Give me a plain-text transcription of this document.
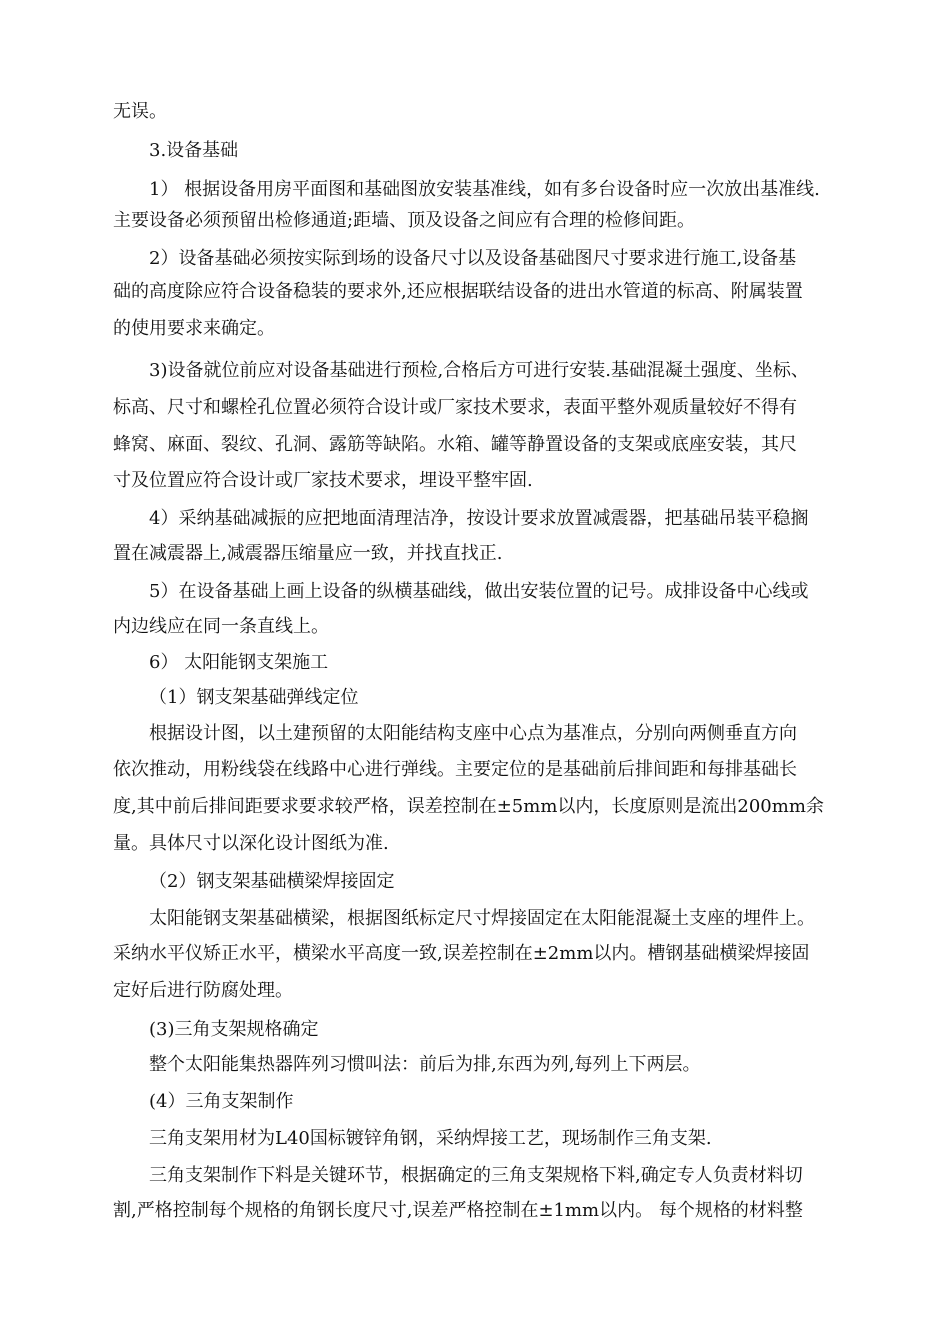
无误。
3.设备基础
1） 根据设备用房平面图和基础图放安装基准线，如有多台设备时应一次放出基准线.
主要设备必须预留出检修通道;距墙、顶及设备之间应有合理的检修间距。
2）设备基础必须按实际到场的设备尺寸以及设备基础图尺寸要求进行施工,设备基
础的高度除应符合设备稳装的要求外,还应根据联结设备的进出水管道的标高、附属装置
的使用要求来确定。
3)设备就位前应对设备基础进行预检,合格后方可进行安装.基础混凝土强度、坐标、
标高、尺寸和螺栓孔位置必须符合设计或厂家技术要求，表面平整外观质量较好不得有
蜂窝、麻面、裂纹、孔洞、露筋等缺陷。水箱、罐等静置设备的支架或底座安装，其尺
寸及位置应符合设计或厂家技术要求，埋设平整牢固.
4）采纳基础减振的应把地面清理洁净，按设计要求放置减震器，把基础吊装平稳搁
置在减震器上,减震器压缩量应一致，并找直找正.
5）在设备基础上画上设备的纵横基础线，做出安装位置的记号。成排设备中心线或
内边线应在同一条直线上。
6） 太阳能钢支架施工
（1）钢支架基础弹线定位
根据设计图，以土建预留的太阳能结构支座中心点为基准点，分别向两侧垂直方向
依次推动，用粉线袋在线路中心进行弹线。主要定位的是基础前后排间距和每排基础长
度,其中前后排间距要求要求较严格，误差控制在±5mm以内，长度原则是流出200mm余
量。具体尺寸以深化设计图纸为准.
（2）钢支架基础横梁焊接固定
太阳能钢支架基础横梁，根据图纸标定尺寸焊接固定在太阳能混凝土支座的埋件上。
采纳水平仪矫正水平，横梁水平高度一致,误差控制在±2mm以内。槽钢基础横梁焊接固
定好后进行防腐处理。
(3)三角支架规格确定
整个太阳能集热器阵列习惯叫法：前后为排,东西为列,每列上下两层。
(4）三角支架制作
三角支架用材为L40国标镀锌角钢，采纳焊接工艺，现场制作三角支架.
三角支架制作下料是关键环节，根据确定的三角支架规格下料,确定专人负责材料切
割,严格控制每个规格的角钢长度尺寸,误差严格控制在±1mm以内。 每个规格的材料整
